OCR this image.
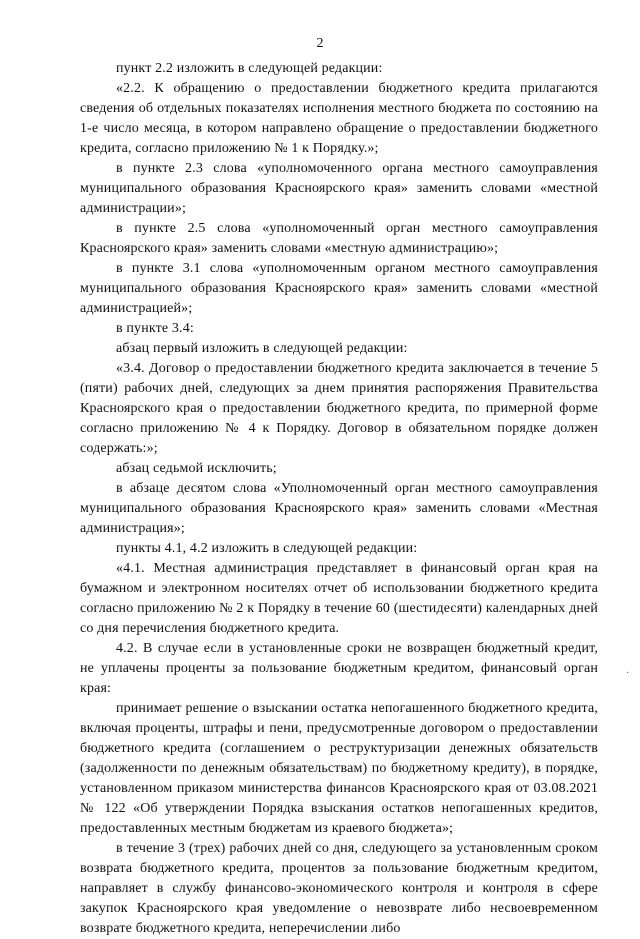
2

пункт 2.2 изложить в следующей редакции:

«2.2. К обращению о предоставлении бюджетного кредита прилагаются сведения об отдельных показателях исполнения местного бюджета по состоянию на 1-е число месяца, в котором направлено обращение о предоставлении бюджетного кредита, согласно приложению № 1 к Порядку.»;

в пункте 2.3 слова «уполномоченного органа местного самоуправления муниципального образования Красноярского края» заменить словами «местной администрации»;

в пункте 2.5 слова «уполномоченный орган местного самоуправления Красноярского края» заменить словами «местную администрацию»;

в пункте 3.1 слова «уполномоченным органом местного самоуправления муниципального образования Красноярского края» заменить словами «местной администрацией»;

в пункте 3.4:

абзац первый изложить в следующей редакции:

«3.4. Договор о предоставлении бюджетного кредита заключается в течение 5 (пяти) рабочих дней, следующих за днем принятия распоряжения Правительства Красноярского края о предоставлении бюджетного кредита, по примерной форме согласно приложению № 4 к Порядку. Договор в обязательном порядке должен содержать:»;

абзац седьмой исключить;

в абзаце десятом слова «Уполномоченный орган местного самоуправления муниципального образования Красноярского края» заменить словами «Местная администрация»;

пункты 4.1, 4.2 изложить в следующей редакции:

«4.1. Местная администрация представляет в финансовый орган края на бумажном и электронном носителях отчет об использовании бюджетного кредита согласно приложению № 2 к Порядку в течение 60 (шестидесяти) календарных дней со дня перечисления бюджетного кредита.

4.2. В случае если в установленные сроки не возвращен бюджетный кредит, не уплачены проценты за пользование бюджетным кредитом, финансовый орган края:

принимает решение о взыскании остатка непогашенного бюджетного кредита, включая проценты, штрафы и пени, предусмотренные договором о предоставлении бюджетного кредита (соглашением о реструктуризации денежных обязательств (задолженности по денежным обязательствам) по бюджетному кредиту), в порядке, установленном приказом министерства финансов Красноярского края от 03.08.2021 № 122 «Об утверждении Порядка взыскания остатков непогашенных кредитов, предоставленных местным бюджетам из краевого бюджета»;

в течение 3 (трех) рабочих дней со дня, следующего за установленным сроком возврата бюджетного кредита, процентов за пользование бюджетным кредитом, направляет в службу финансово-экономического контроля и контроля в сфере закупок Красноярского края уведомление о невозврате либо несвоевременном возврате бюджетного кредита, неперечислении либо

·
